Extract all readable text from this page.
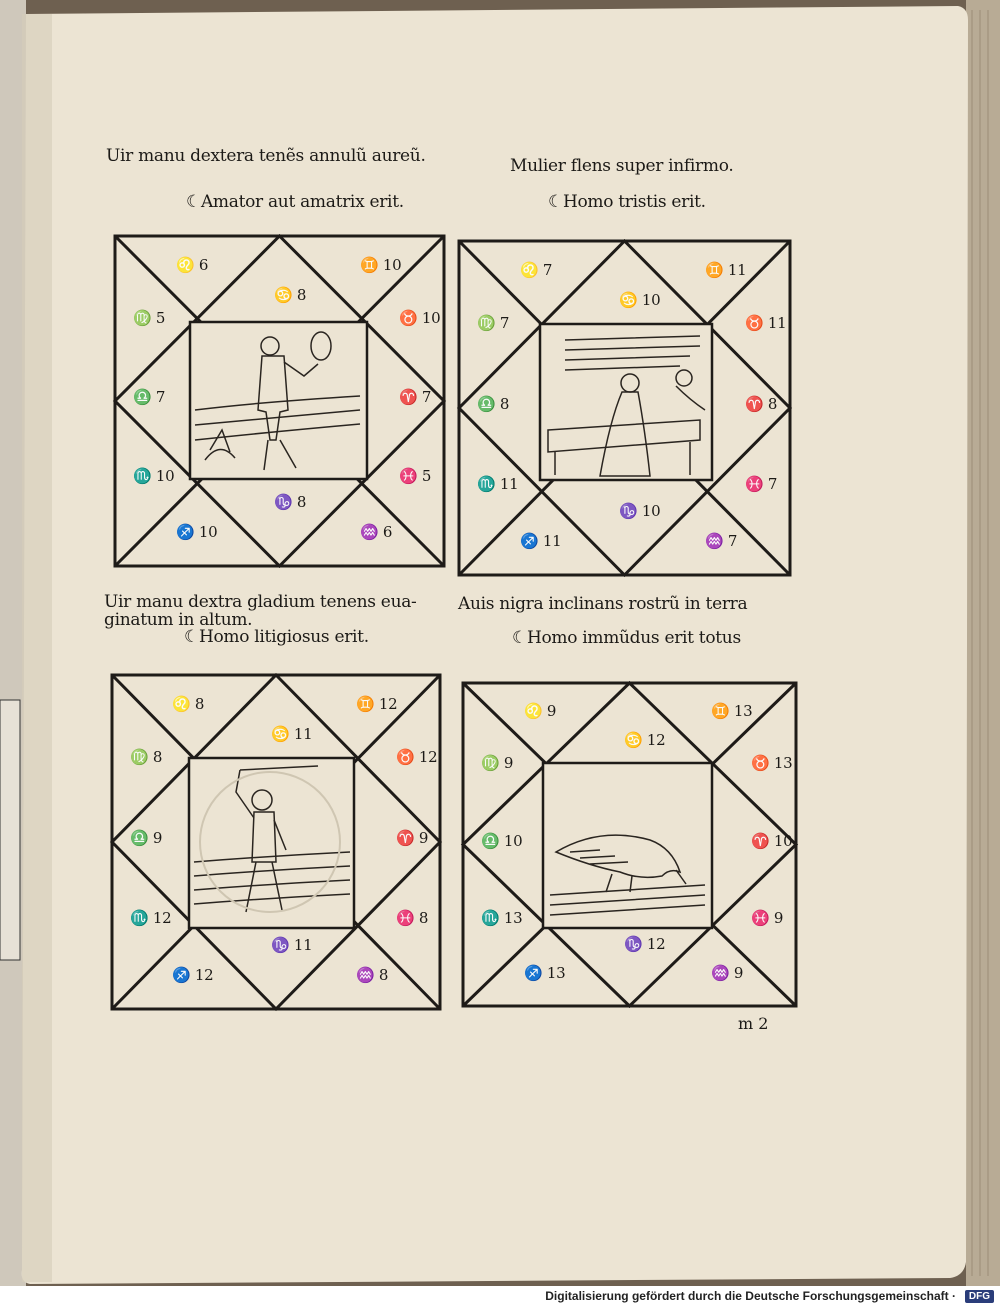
Uir manu dextera tenẽs annulũ aureũ.
☾Amator aut amatrix erit.
Mulier flens super infirmo.
☾Homo tristis erit.
Uir manu dextra gladium tenens eua-
ginatum in altum.
☾Homo litigiosus erit.
Auis nigra inclinans rostrũ in terra
☾Homo immũdus erit totus
♌ 6
♋ 8
♊ 10
♍ 5	♉ 10
♎ 7	♈ 7
♏ 10	♓ 5
♐ 10
♑ 8
♒ 6
♌ 7
♋ 10
♊ 11
♍ 7	♉ 11
♎ 8	♈ 8
♏ 11	♓ 7
♐ 11
♑ 10
♒ 7
♌ 8
♋ 11
♊ 12
♍ 8	♉ 12
♎ 9	♈ 9
♏ 12	♓ 8
♐ 12
♑ 11
♒ 8
♌ 9
♋ 12
♊ 13
♍ 9	♉ 13
♎ 10	♈ 10
♏ 13	♓ 9
♐ 13
♑ 12
♒ 9
m 2
Digitalisierung gefördert durch die Deutsche Forschungsgemeinschaft ·	DFG
